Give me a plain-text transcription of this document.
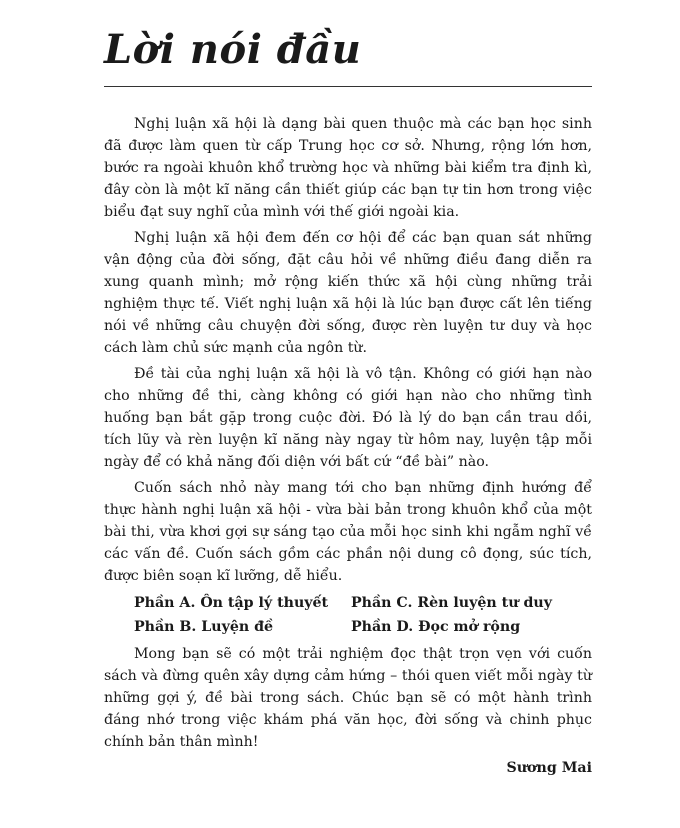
Lời nói đầu

Nghị luận xã hội là dạng bài quen thuộc mà các bạn học sinh đã được làm quen từ cấp Trung học cơ sở. Nhưng, rộng lớn hơn, bước ra ngoài khuôn khổ trường học và những bài kiểm tra định kì, đây còn là một kĩ năng cần thiết giúp các bạn tự tin hơn trong việc biểu đạt suy nghĩ của mình với thế giới ngoài kia.

Nghị luận xã hội đem đến cơ hội để các bạn quan sát những vận động của đời sống, đặt câu hỏi về những điều đang diễn ra xung quanh mình; mở rộng kiến thức xã hội cùng những trải nghiệm thực tế. Viết nghị luận xã hội là lúc bạn được cất lên tiếng nói về những câu chuyện đời sống, được rèn luyện tư duy và học cách làm chủ sức mạnh của ngôn từ.

Đề tài của nghị luận xã hội là vô tận. Không có giới hạn nào cho những đề thi, càng không có giới hạn nào cho những tình huống bạn bắt gặp trong cuộc đời. Đó là lý do bạn cần trau dồi, tích lũy và rèn luyện kĩ năng này ngay từ hôm nay, luyện tập mỗi ngày để có khả năng đối diện với bất cứ “đề bài” nào.

Cuốn sách nhỏ này mang tới cho bạn những định hướng để thực hành nghị luận xã hội - vừa bài bản trong khuôn khổ của một bài thi, vừa khơi gợi sự sáng tạo của mỗi học sinh khi ngẫm nghĩ về các vấn đề. Cuốn sách gồm các phần nội dung cô đọng, súc tích, được biên soạn kĩ lưỡng, dễ hiểu.

Phần A. Ôn tập lý thuyết	Phần C. Rèn luyện tư duy
Phần B. Luyện đề	Phần D. Đọc mở rộng

Mong bạn sẽ có một trải nghiệm đọc thật trọn vẹn với cuốn sách và đừng quên xây dựng cảm hứng – thói quen viết mỗi ngày từ những gợi ý, đề bài trong sách. Chúc bạn sẽ có một hành trình đáng nhớ trong việc khám phá văn học, đời sống và chinh phục chính bản thân mình!

Sương Mai
